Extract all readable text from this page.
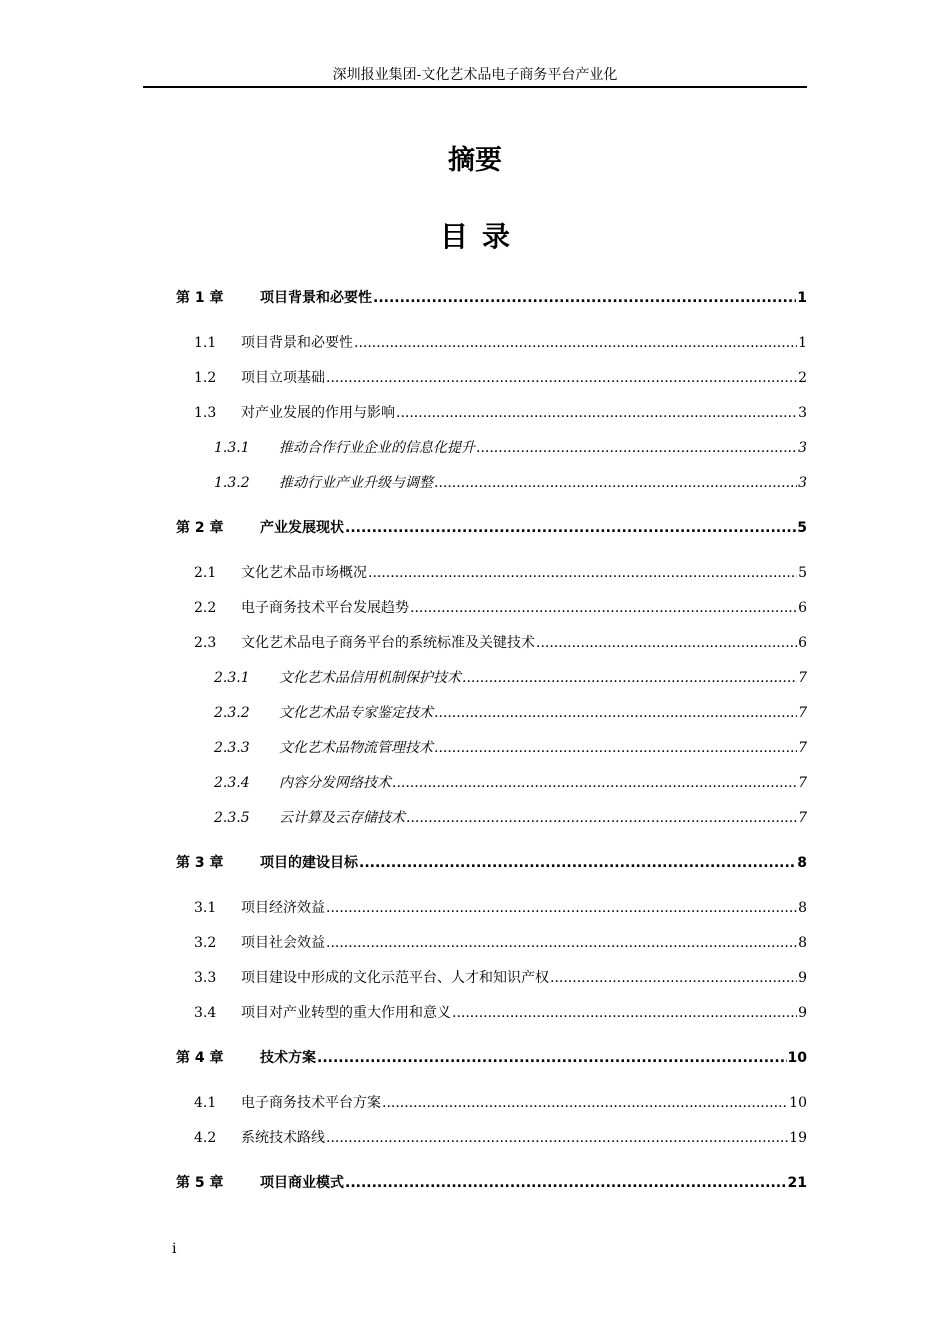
深圳报业集团-文化艺术品电子商务平台产业化
摘要
目录
第 1 章	项目背景和必要性 .....	1
1.1	项目背景和必要性 .....	1
1.2	项目立项基础 .....	2
1.3	对产业发展的作用与影响 .....	3
1.3.1	推动合作行业企业的信息化提升 .....	3
1.3.2	推动行业产业升级与调整 .....	3
第 2 章	产业发展现状 .....	5
2.1	文化艺术品市场概况 .....	5
2.2	电子商务技术平台发展趋势 .....	6
2.3	文化艺术品电子商务平台的系统标准及关键技术 .....	6
2.3.1	文化艺术品信用机制保护技术 .....	7
2.3.2	文化艺术品专家鉴定技术 .....	7
2.3.3	文化艺术品物流管理技术 .....	7
2.3.4	内容分发网络技术 .....	7
2.3.5	云计算及云存储技术 .....	7
第 3 章	项目的建设目标 .....	8
3.1	项目经济效益 .....	8
3.2	项目社会效益 .....	8
3.3	项目建设中形成的文化示范平台、人才和知识产权 .....	9
3.4	项目对产业转型的重大作用和意义 .....	9
第 4 章	技术方案 .....	10
4.1	电子商务技术平台方案 .....	10
4.2	系统技术路线 .....	19
第 5 章	项目商业模式 .....	21
i
